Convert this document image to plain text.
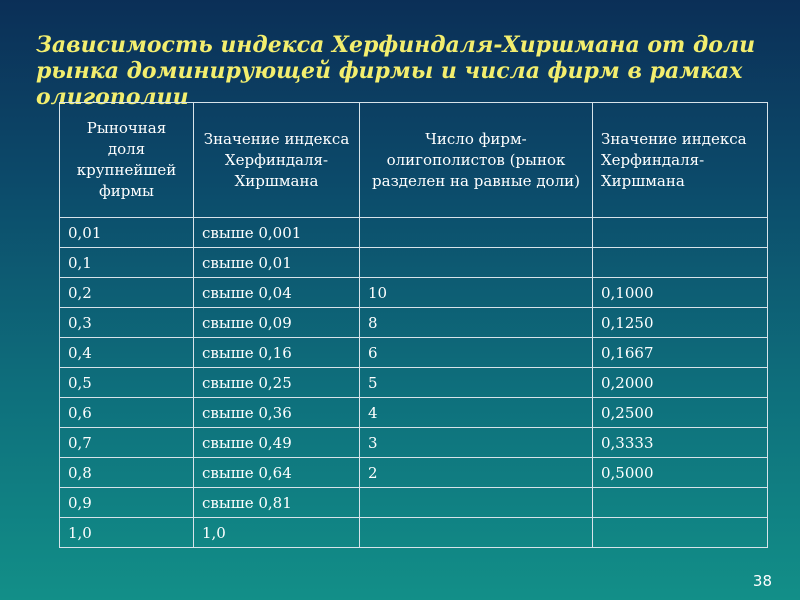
Зависимость индекса Херфиндаля-Хиршмана от доли рынка доминирующей фирмы и числа фирм в рамках олигополии
Рыночная доля крупнейшей фирмы	Значение индекса Херфиндаля-Хиршмана	Число фирм-олигополистов (рынок разделен на равные доли)	Значение индекса Херфиндаля-Хиршмана
0,01	свыше 0,001		
0,1	свыше 0,01		
0,2	свыше 0,04	10	0,1000
0,3	свыше 0,09	8	0,1250
0,4	свыше 0,16	6	0,1667
0,5	свыше 0,25	5	0,2000
0,6	свыше 0,36	4	0,2500
0,7	свыше 0,49	3	0,3333
0,8	свыше 0,64	2	0,5000
0,9	свыше 0,81		
1,0	1,0		
38
